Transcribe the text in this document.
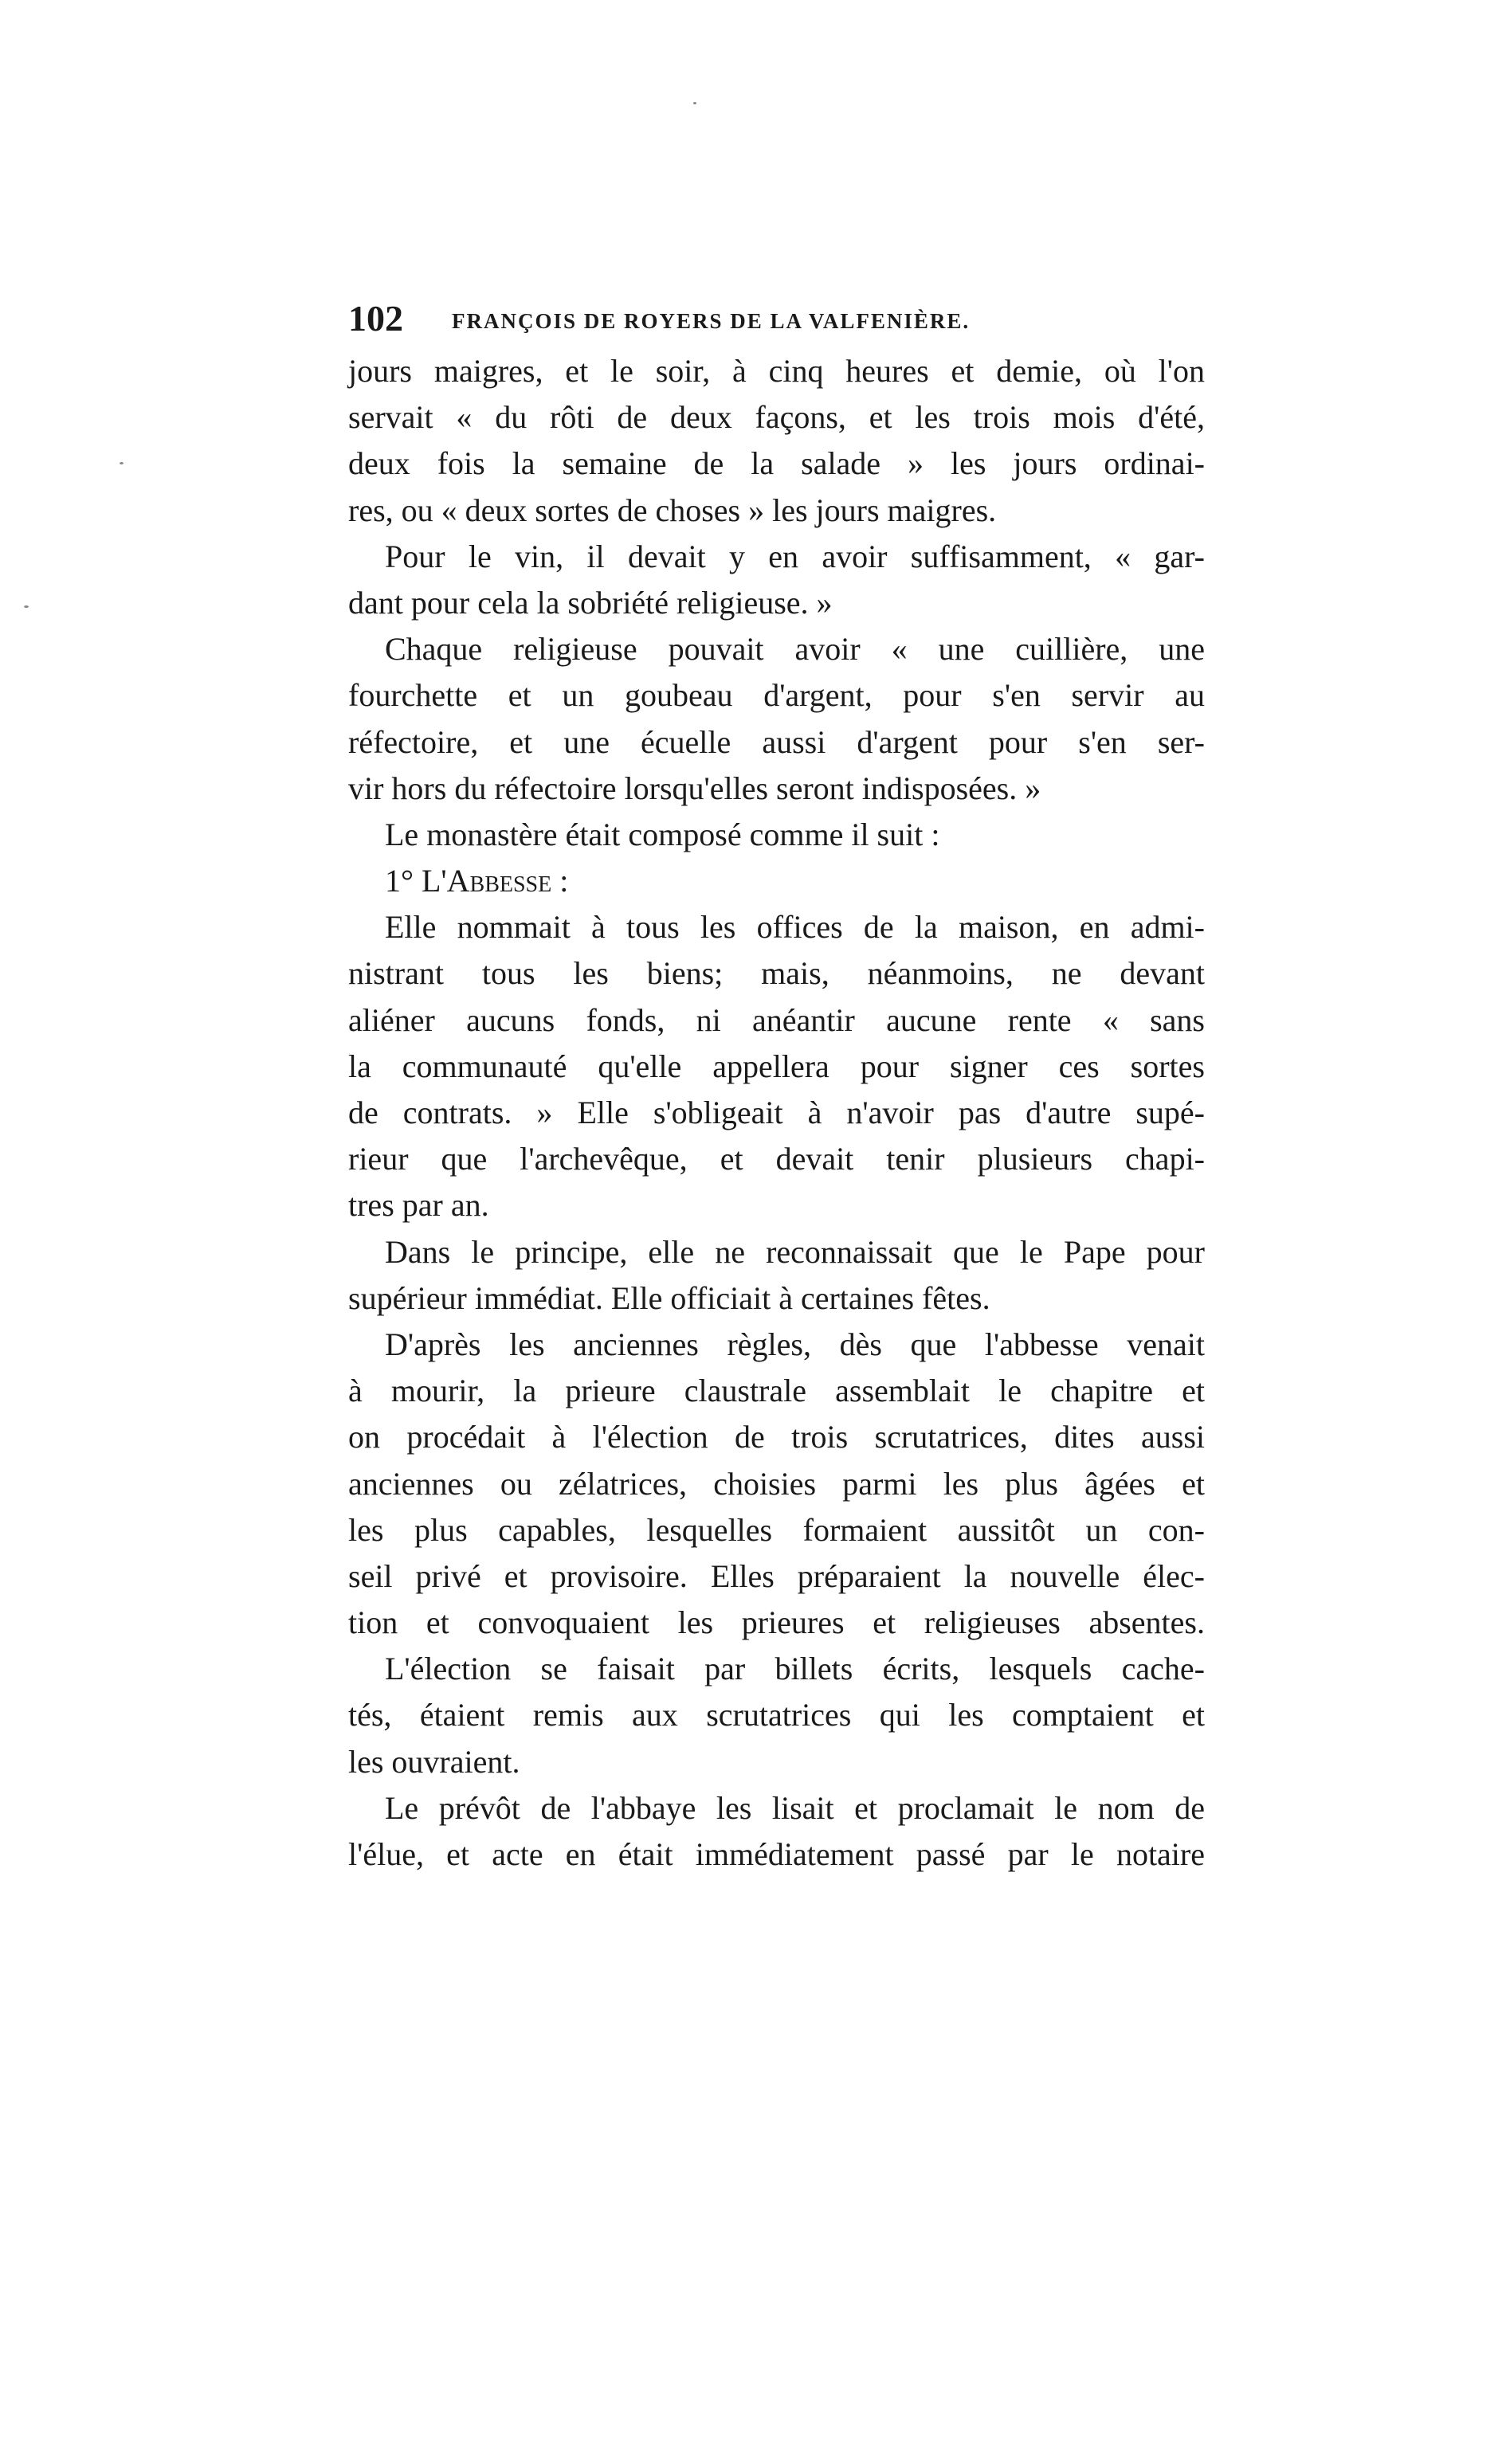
102 FRANÇOIS DE ROYERS DE LA VALFENIÈRE.
jours maigres, et le soir, à cinq heures et demie, où l'on
servait « du rôti de deux façons, et les trois mois d'été,
deux fois la semaine de la salade » les jours ordinai-
res, ou « deux sortes de choses » les jours maigres.
Pour le vin, il devait y en avoir suffisamment, « gar-
dant pour cela la sobriété religieuse. »
Chaque religieuse pouvait avoir « une cuillière, une
fourchette et un goubeau d'argent, pour s'en servir au
réfectoire, et une écuelle aussi d'argent pour s'en ser-
vir hors du réfectoire lorsqu'elles seront indisposées. »
Le monastère était composé comme il suit :
1° L'Abbesse :
Elle nommait à tous les offices de la maison, en admi-
nistrant tous les biens; mais, néanmoins, ne devant
aliéner aucuns fonds, ni anéantir aucune rente « sans
la communauté qu'elle appellera pour signer ces sortes
de contrats. » Elle s'obligeait à n'avoir pas d'autre supé-
rieur que l'archevêque, et devait tenir plusieurs chapi-
tres par an.
Dans le principe, elle ne reconnaissait que le Pape pour
supérieur immédiat. Elle officiait à certaines fêtes.
D'après les anciennes règles, dès que l'abbesse venait
à mourir, la prieure claustrale assemblait le chapitre et
on procédait à l'élection de trois scrutatrices, dites aussi
anciennes ou zélatrices, choisies parmi les plus âgées et
les plus capables, lesquelles formaient aussitôt un con-
seil privé et provisoire. Elles préparaient la nouvelle élec-
tion et convoquaient les prieures et religieuses absentes.
L'élection se faisait par billets écrits, lesquels cache-
tés, étaient remis aux scrutatrices qui les comptaient et
les ouvraient.
Le prévôt de l'abbaye les lisait et proclamait le nom de
l'élue, et acte en était immédiatement passé par le notaire
